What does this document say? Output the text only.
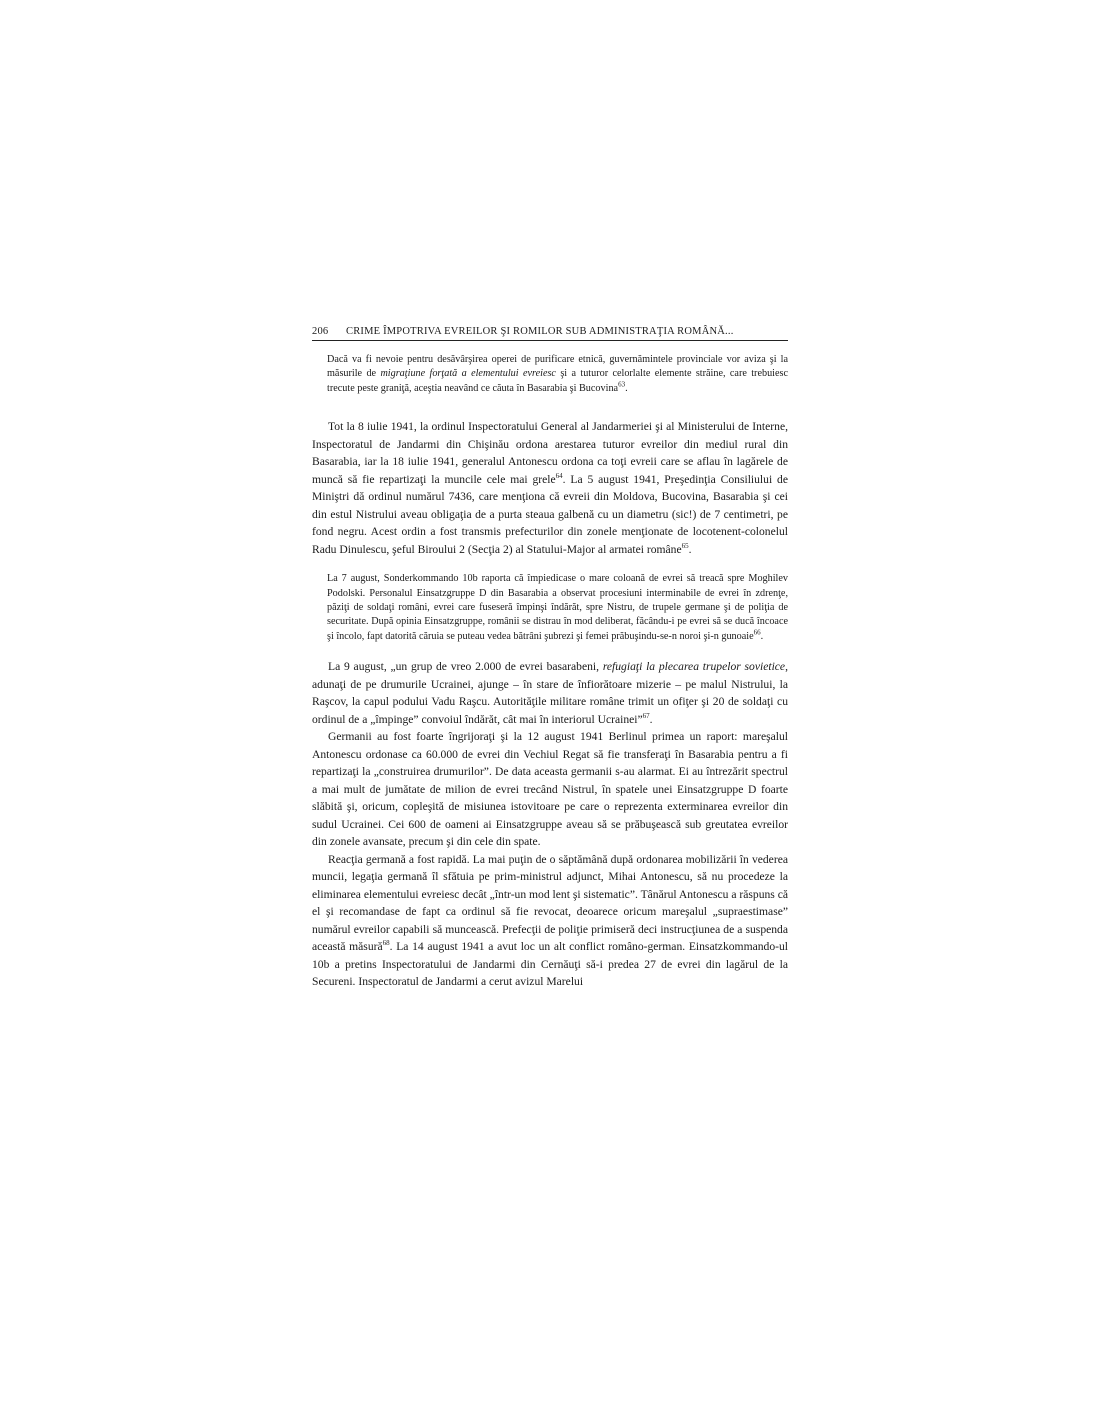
206	CRIME ÎMPOTRIVA EVREILOR ŞI ROMILOR SUB ADMINISTRAŢIA ROMÂNĂ...

Dacă va fi nevoie pentru desăvârşirea operei de purificare etnică, guvernămintele provinciale vor aviza şi la măsurile de migraţiune forţată a elementului evreiesc şi a tuturor celorlalte elemente străine, care trebuiesc trecute peste graniţă, aceştia neavând ce căuta în Basarabia şi Bucovina$^{63}$.

Tot la 8 iulie 1941, la ordinul Inspectoratului General al Jandarmeriei şi al Ministerului de Interne, Inspectoratul de Jandarmi din Chişinău ordona arestarea tuturor evreilor din mediul rural din Basarabia, iar la 18 iulie 1941, generalul Antonescu ordona ca toţi evreii care se aflau în lagărele de muncă să fie repartizaţi la muncile cele mai grele$^{64}$. La 5 august 1941, Preşedinţia Consiliului de Miniştri dă ordinul numărul 7436, care menţiona că evreii din Moldova, Bucovina, Basarabia şi cei din estul Nistrului aveau obligaţia de a purta steaua galbenă cu un diametru (sic!) de 7 centimetri, pe fond negru. Acest ordin a fost transmis prefecturilor din zonele menţionate de locotenent-colonelul Radu Dinulescu, şeful Biroului 2 (Secţia 2) al Statului-Major al armatei române$^{65}$.

La 7 august, Sonderkommando 10b raporta că împiedicase o mare coloană de evrei să treacă spre Moghilev Podolski. Personalul Einsatzgruppe D din Basarabia a observat procesiuni interminabile de evrei în zdrenţe, păziţi de soldaţi români, evrei care fuseseră împinşi îndărăt, spre Nistru, de trupele germane şi de poliţia de securitate. După opinia Einsatzgruppe, românii se distrau în mod deliberat, făcându-i pe evrei să se ducă încoace şi încolo, fapt datorită căruia se puteau vedea bătrâni şubrezi şi femei prăbuşindu-se-n noroi şi-n gunoaie$^{66}$.

La 9 august, „un grup de vreo 2.000 de evrei basarabeni, refugiaţi la plecarea trupelor sovietice, adunaţi de pe drumurile Ucrainei, ajunge – în stare de înfiorătoare mizerie – pe malul Nistrului, la Raşcov, la capul podului Vadu Raşcu. Autorităţile militare române trimit un ofiţer şi 20 de soldaţi cu ordinul de a „împinge” convoiul îndărăt, cât mai în interiorul Ucrainei”$^{67}$.

Germanii au fost foarte îngrijoraţi şi la 12 august 1941 Berlinul primea un raport: mareşalul Antonescu ordonase ca 60.000 de evrei din Vechiul Regat să fie transferaţi în Basarabia pentru a fi repartizaţi la „construirea drumurilor”. De data aceasta germanii s-au alarmat. Ei au întrezărit spectrul a mai mult de jumătate de milion de evrei trecând Nistrul, în spatele unei Einsatzgruppe D foarte slăbită şi, oricum, copleşită de misiunea istovitoare pe care o reprezenta exterminarea evreilor din sudul Ucrainei. Cei 600 de oameni ai Einsatzgruppe aveau să se prăbuşească sub greutatea evreilor din zonele avansate, precum şi din cele din spate.

Reacţia germană a fost rapidă. La mai puţin de o săptămână după ordonarea mobilizării în vederea muncii, legaţia germană îl sfătuia pe prim-ministrul adjunct, Mihai Antonescu, să nu procedeze la eliminarea elementului evreiesc decât „într-un mod lent şi sistematic”. Tânărul Antonescu a răspuns că el şi recomandase de fapt ca ordinul să fie revocat, deoarece oricum mareşalul „supraestimase” numărul evreilor capabili să muncească. Prefecţii de poliţie primiseră deci instrucţiunea de a suspenda această măsură$^{68}$. La 14 august 1941 a avut loc un alt conflict româno-german. Einsatzkommando-ul 10b a pretins Inspectoratului de Jandarmi din Cernăuţi să-i predea 27 de evrei din lagărul de la Secureni. Inspectoratul de Jandarmi a cerut avizul Marelui
